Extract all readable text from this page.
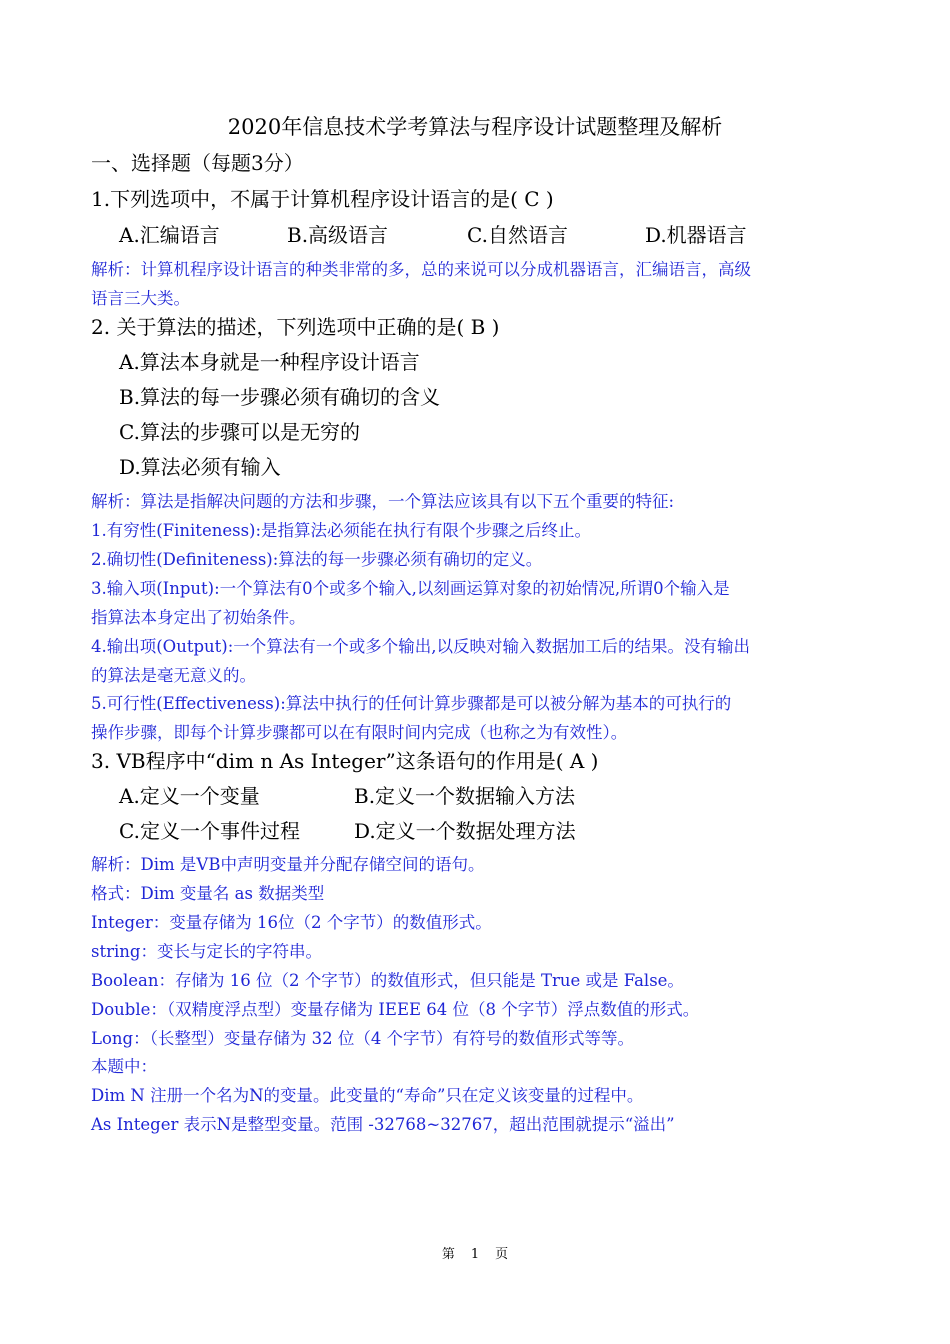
2020年信息技术学考算法与程序设计试题整理及解析
一、选择题（每题3分）
1.下列选项中，不属于计算机程序设计语言的是( C )
A.汇编语言	B.高级语言	C.自然语言	D.机器语言
解析：计算机程序设计语言的种类非常的多，总的来说可以分成机器语言，汇编语言，高级
语言三大类。
2. 关于算法的描述，下列选项中正确的是( B )
A.算法本身就是一种程序设计语言
B.算法的每一步骤必须有确切的含义
C.算法的步骤可以是无穷的
D.算法必须有输入
解析：算法是指解决问题的方法和步骤，一个算法应该具有以下五个重要的特征:
1.有穷性(Finiteness):是指算法必须能在执行有限个步骤之后终止。
2.确切性(Definiteness):算法的每一步骤必须有确切的定义。
3.输入项(Input):一个算法有0个或多个输入,以刻画运算对象的初始情况,所谓0个输入是
指算法本身定出了初始条件。
4.输出项(Output):一个算法有一个或多个输出,以反映对输入数据加工后的结果。没有输出
的算法是毫无意义的。
5.可行性(Effectiveness):算法中执行的任何计算步骤都是可以被分解为基本的可执行的
操作步骤，即每个计算步骤都可以在有限时间内完成（也称之为有效性）。
3. VB程序中“dim n As Integer”这条语句的作用是( A )
A.定义一个变量	B.定义一个数据输入方法
C.定义一个事件过程	D.定义一个数据处理方法
解析：Dim 是VB中声明变量并分配存储空间的语句。
格式：Dim 变量名 as 数据类型
Integer：变量存储为 16位（2 个字节）的数值形式。
string：变长与定长的字符串。
Boolean：存储为 16 位（2 个字节）的数值形式，但只能是 True 或是 False。
Double：（双精度浮点型）变量存储为 IEEE 64 位（8 个字节）浮点数值的形式。
Long：（长整型）变量存储为 32 位（4 个字节）有符号的数值形式等等。
本题中：
Dim N 注册一个名为N的变量。此变量的“寿命”只在定义该变量的过程中。
As Integer 表示N是整型变量。范围 -32768~32767，超出范围就提示“溢出”
第 1 页
